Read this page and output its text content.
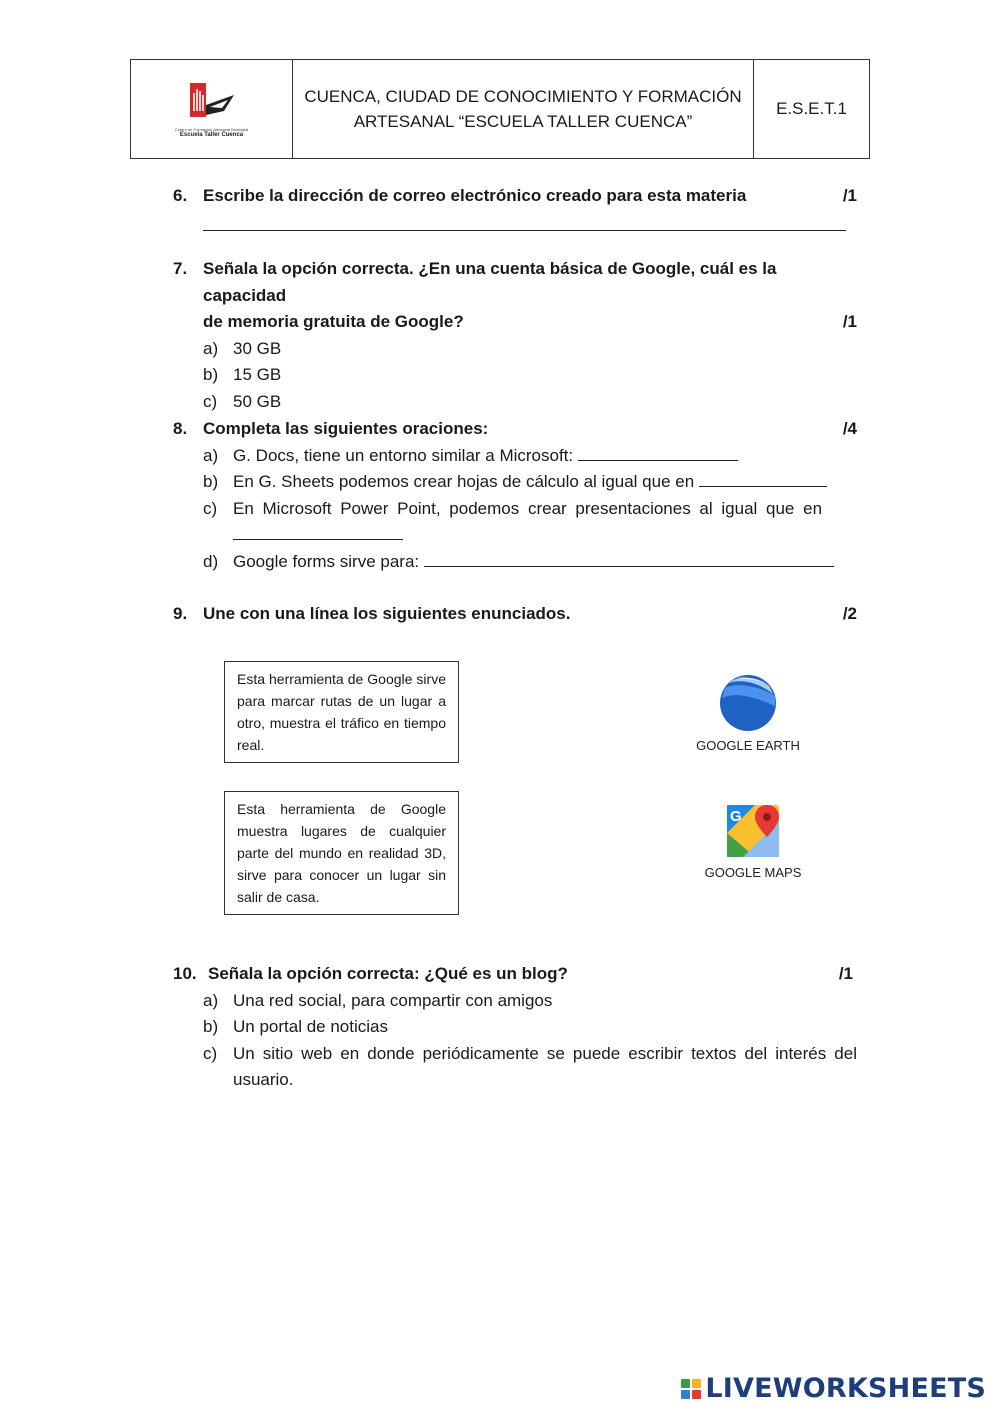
Centro de Formación Artesanal Municipal
Escuela Taller Cuenca
CUENCA, CIUDAD DE CONOCIMIENTO Y FORMACIÓN
ARTESANAL “ESCUELA TALLER CUENCA”
E.S.E.T.1
6. Escribe la dirección de correo electrónico creado para esta materia	/1
7. Señala la opción correcta. ¿En una cuenta básica de Google, cuál es la capacidad
de memoria gratuita de Google?	/1
a) 30 GB
b) 15 GB
c) 50 GB
8. Completa las siguientes oraciones:	/4
a) G. Docs, tiene un entorno similar a Microsoft:
b) En G. Sheets podemos crear hojas de cálculo al igual que en
c) En Microsoft Power Point, podemos crear presentaciones al igual que en

d) Google forms sirve para:
9. Une con una línea los siguientes enunciados.	/2
Esta herramienta de Google sirve para marcar rutas de un lugar a otro, muestra el tráfico en tiempo real.
Esta herramienta de Google muestra lugares de cualquier parte del mundo en realidad 3D, sirve para conocer un lugar sin salir de casa.
GOOGLE EARTH
G
GOOGLE MAPS
10. Señala la opción correcta: ¿Qué es un blog?	/1
a) Una red social, para compartir con amigos
b) Un portal de noticias
c) Un sitio web en donde periódicamente se puede escribir textos del interés del usuario.
LIVEWORKSHEETS
